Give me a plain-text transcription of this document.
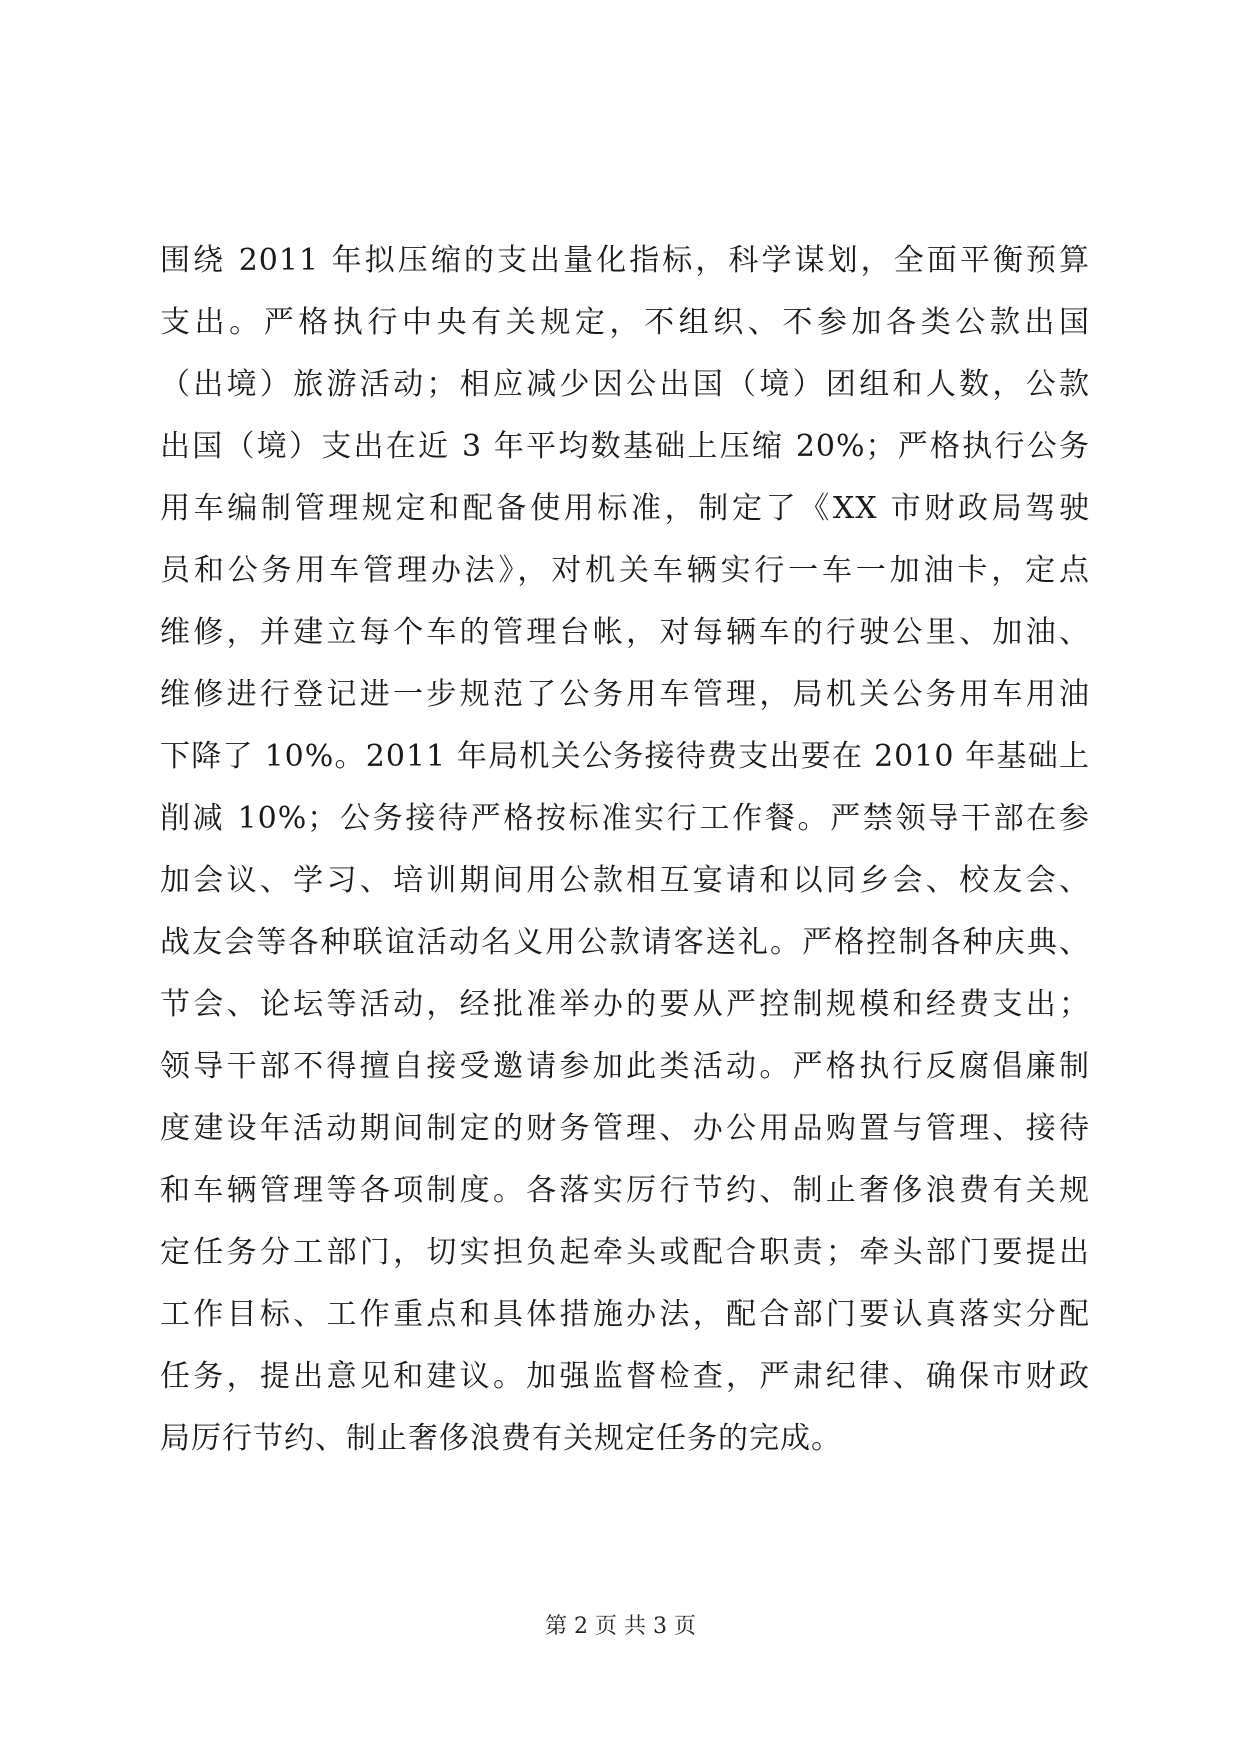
围绕 2011 年拟压缩的支出量化指标，科学谋划，全面平衡预算
支出。严格执行中央有关规定，不组织、不参加各类公款出国
（出境）旅游活动；相应减少因公出国（境）团组和人数，公款
出国（境）支出在近 3 年平均数基础上压缩 20%；严格执行公务
用车编制管理规定和配备使用标准，制定了《XX 市财政局驾驶
员和公务用车管理办法》，对机关车辆实行一车一加油卡，定点
维修，并建立每个车的管理台帐，对每辆车的行驶公里、加油、
维修进行登记进一步规范了公务用车管理，局机关公务用车用油
下降了 10%。2011 年局机关公务接待费支出要在 2010 年基础上
削减 10%；公务接待严格按标准实行工作餐。严禁领导干部在参
加会议、学习、培训期间用公款相互宴请和以同乡会、校友会、
战友会等各种联谊活动名义用公款请客送礼。严格控制各种庆典、
节会、论坛等活动，经批准举办的要从严控制规模和经费支出；
领导干部不得擅自接受邀请参加此类活动。严格执行反腐倡廉制
度建设年活动期间制定的财务管理、办公用品购置与管理、接待
和车辆管理等各项制度。各落实厉行节约、制止奢侈浪费有关规
定任务分工部门，切实担负起牵头或配合职责；牵头部门要提出
工作目标、工作重点和具体措施办法，配合部门要认真落实分配
任务，提出意见和建议。加强监督检查，严肃纪律、确保市财政
局厉行节约、制止奢侈浪费有关规定任务的完成。
第 2 页 共 3 页
